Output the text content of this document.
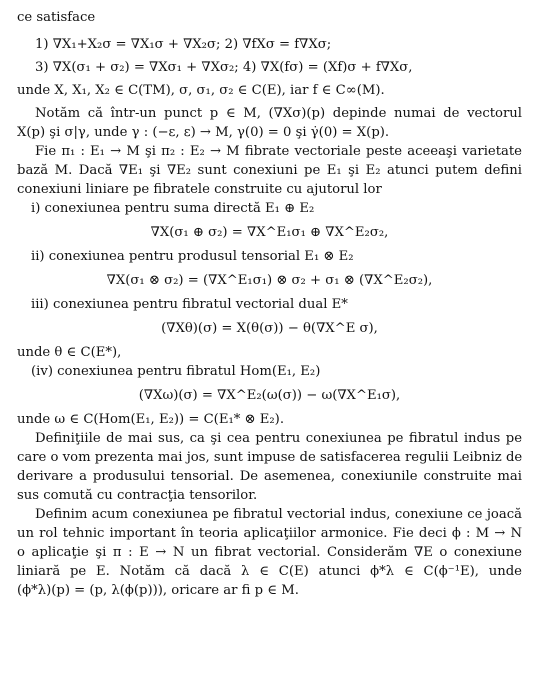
ce satisface
1) ∇X₁+X₂σ = ∇X₁σ + ∇X₂σ; 2) ∇fXσ = f∇Xσ;
3) ∇X(σ₁ + σ₂) = ∇Xσ₁ + ∇Xσ₂; 4) ∇X(fσ) = (Xf)σ + f∇Xσ,
unde X, X₁, X₂ ∈ C(TM), σ, σ₁, σ₂ ∈ C(E), iar f ∈ C∞(M).
Notăm că într-un punct p ∈ M, (∇Xσ)(p) depinde numai de vectorul
X(p) şi σ|γ, unde γ : (−ε, ε) → M, γ(0) = 0 şi γ̇(0) = X(p).
Fie π₁ : E₁ → M şi π₂ : E₂ → M fibrate vectoriale peste aceeaşi varietate
bază M. Dacă ∇E₁ şi ∇E₂ sunt conexiuni pe E₁ şi E₂ atunci putem defini
conexiuni liniare pe fibratele construite cu ajutorul lor
i) conexiunea pentru suma directă E₁ ⊕ E₂
∇X(σ₁ ⊕ σ₂) = ∇X^E₁σ₁ ⊕ ∇X^E₂σ₂,
ii) conexiunea pentru produsul tensorial E₁ ⊗ E₂
∇X(σ₁ ⊗ σ₂) = (∇X^E₁σ₁) ⊗ σ₂ + σ₁ ⊗ (∇X^E₂σ₂),
iii) conexiunea pentru fibratul vectorial dual E*
(∇Xθ)(σ) = X(θ(σ)) − θ(∇X^E σ),
unde θ ∈ C(E*),
(iv) conexiunea pentru fibratul Hom(E₁, E₂)
(∇Xω)(σ) = ∇X^E₂(ω(σ)) − ω(∇X^E₁σ),
unde ω ∈ C(Hom(E₁, E₂)) = C(E₁* ⊗ E₂).
Definiţiile de mai sus, ca şi cea pentru conexiunea pe fibratul indus pe
care o vom prezenta mai jos, sunt impuse de satisfacerea regulii Leibniz de
derivare a produsului tensorial. De asemenea, conexiunile construite mai
sus comută cu contracţia tensorilor.
Definim acum conexiunea pe fibratul vectorial indus, conexiune ce joacă
un rol tehnic important în teoria aplicaţiilor armonice. Fie deci ϕ : M → N
o aplicaţie şi π : E → N un fibrat vectorial. Considerăm ∇E o conexiune
liniară pe E. Notăm că dacă λ ∈ C(E) atunci ϕ*λ ∈ C(ϕ⁻¹E), unde
(ϕ*λ)(p) = (p, λ(ϕ(p))), oricare ar fi p ∈ M.
